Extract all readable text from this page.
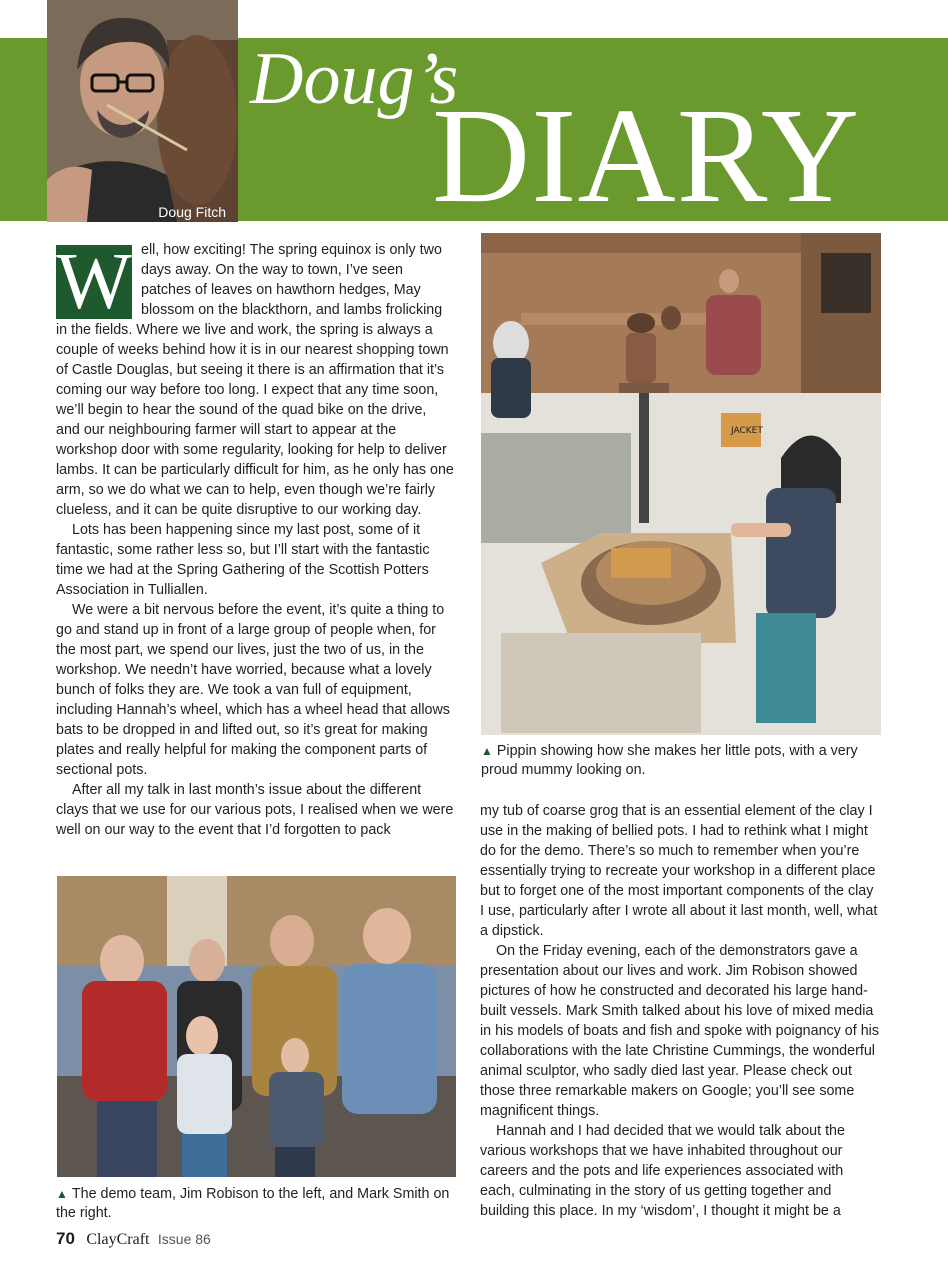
(Photo: Layton Thompson)
Doug Fitch
Doug’s
DIARY
W ell, how exciting! The spring equinox is only two days away. On the way to town, I’ve seen patches of leaves on hawthorn hedges, May blossom on the blackthorn, and lambs frolicking in the fields. Where we live and work, the spring is always a couple of weeks behind how it is in our nearest shopping town of Castle Douglas, but seeing it there is an affirmation that it’s coming our way before too long. I expect that any time soon, we’ll begin to hear the sound of the quad bike on the drive, and our neighbouring farmer will start to appear at the workshop door with some regularity, looking for help to deliver lambs. It can be particularly difficult for him, as he only has one arm, so we do what we can to help, even though we’re fairly clueless, and it can be quite disruptive to our working day.

Lots has been happening since my last post, some of it fantastic, some rather less so, but I’ll start with the fantastic time we had at the Spring Gathering of the Scottish Potters Association in Tulliallen.

We were a bit nervous before the event, it’s quite a thing to go and stand up in front of a large group of people when, for the most part, we spend our lives, just the two of us, in the workshop. We needn’t have worried, because what a lovely bunch of folks they are. We took a van full of equipment, including Hannah’s wheel, which has a wheel head that allows bats to be dropped in and lifted out, so it’s great for making plates and really helpful for making the component parts of sectional pots.

After all my talk in last month’s issue about the different clays that we use for our various pots, I realised when we were well on our way to the event that I’d forgotten to pack

JACKET
▲ Pippin showing how she makes her little pots, with a very proud mummy looking on.

my tub of coarse grog that is an essential element of the clay I use in the making of bellied pots. I had to rethink what I might do for the demo. There’s so much to remember when you’re essentially trying to recreate your workshop in a different place but to forget one of the most important components of the clay I use, particularly after I wrote all about it last month, well, what a dipstick.

On the Friday evening, each of the demonstrators gave a presentation about our lives and work. Jim Robison showed pictures of how he constructed and decorated his large hand-built vessels. Mark Smith talked about his love of mixed media in his models of boats and fish and spoke with poignancy of his collaborations with the late Christine Cummings, the wonderful animal sculptor, who sadly died last year. Please check out those three remarkable makers on Google; you’ll see some magnificent things.

Hannah and I had decided that we would talk about the various workshops that we have inhabited throughout our careers and the pots and life experiences associated with each, culminating in the story of us getting together and building this place. In my ‘wisdom’, I thought it might be a

▲ The demo team, Jim Robison to the left, and Mark Smith on the right.
70 ClayCraft Issue 86
